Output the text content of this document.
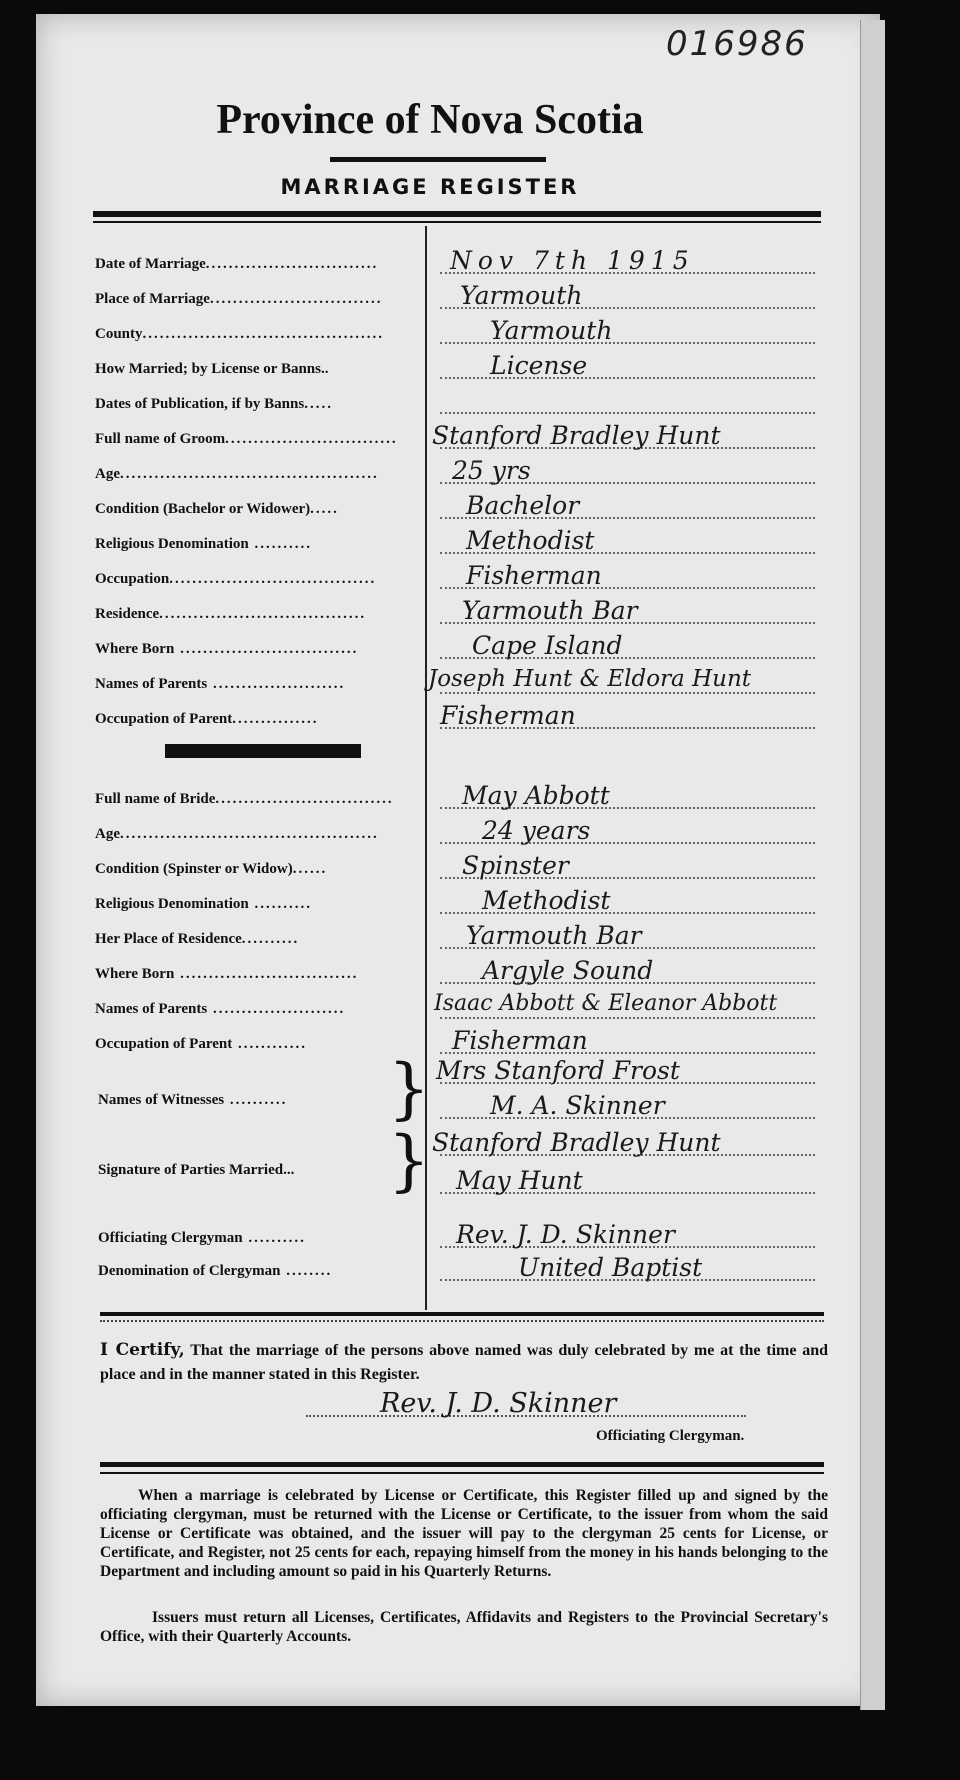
016986
Province of Nova Scotia
MARRIAGE REGISTER
Date of Marriage..............................	Nov 7th 1915
Place of Marriage..............................	Yarmouth
County..........................................	Yarmouth
How Married; by License or Banns..	License
Dates of Publication, if by Banns.....
Full name of Groom..............................	Stanford Bradley Hunt
Age.............................................	25 yrs
Condition (Bachelor or Widower).....	Bachelor
Religious Denomination ..........	Methodist
Occupation....................................	Fisherman
Residence....................................	Yarmouth Bar
Where Born ...............................	Cape Island
Names of Parents .......................	Joseph Hunt & Eldora Hunt
Occupation of Parent...............	Fisherman
Full name of Bride...............................	May Abbott
Age.............................................	24 years
Condition (Spinster or Widow)......	Spinster
Religious Denomination ..........	Methodist
Her Place of Residence..........	Yarmouth Bar
Where Born ...............................	Argyle Sound
Names of Parents .......................	Isaac Abbott & Eleanor Abbott
Occupation of Parent ............	Fisherman
Names of Witnesses ..........	} Mrs Stanford Frost
M. A. Skinner
Signature of Parties Married...	} Stanford Bradley Hunt
May Hunt
Officiating Clergyman ..........	Rev. J. D. Skinner
Denomination of Clergyman ........	United Baptist
I Certify, That the marriage of the persons above named was duly celebrated by me at the time and place and in the manner stated in this Register.
Rev. J. D. Skinner
Officiating Clergyman.
When a marriage is celebrated by License or Certificate, this Register filled up and signed by the officiating clergyman, must be returned with the License or Certificate, to the issuer from whom the said License or Certificate was obtained, and the issuer will pay to the clergyman 25 cents for License, or Certificate, and Register, not 25 cents for each, repaying himself from the money in his hands belonging to the Department and including amount so paid in his Quarterly Returns.
Issuers must return all Licenses, Certificates, Affidavits and Registers to the Provincial Secretary's Office, with their Quarterly Accounts.
